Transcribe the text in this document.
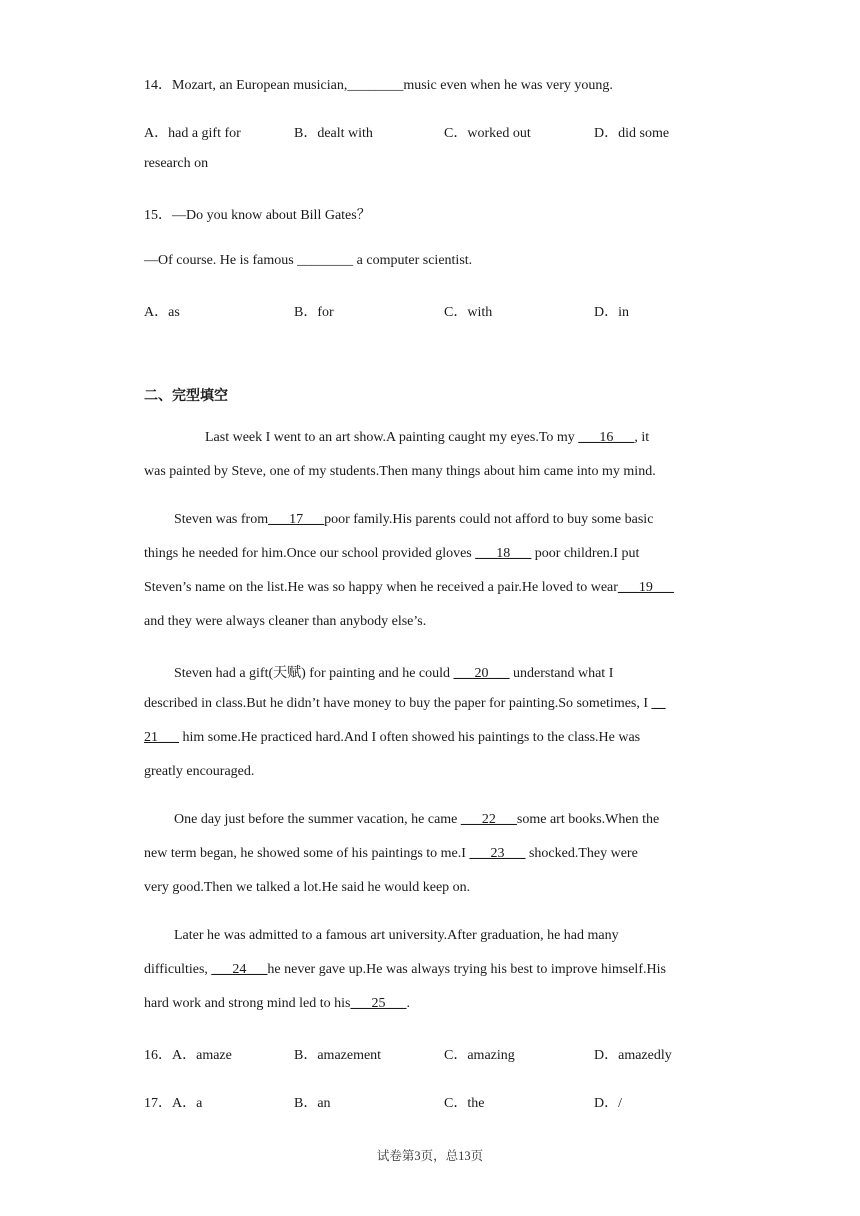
14．Mozart, an European musician,________music even when he was very young.
A．had a gift for	B．dealt with	C．worked out	D．did some
research on
15．—Do you know about Bill Gates？
—Of course. He is famous ________ a computer scientist.
A．as	B．for	C．with	D．in
二、完型填空
Last week I went to an art show.A painting caught my eyes.To my ___16___, it
was painted by Steve, one of my students.Then many things about him came into my mind.
Steven was from___17___poor family.His parents could not afford to buy some basic
things he needed for him.Once our school provided gloves ___18___ poor children.I put
Steven’s name on the list.He was so happy when he received a pair.He loved to wear___19___
and they were always cleaner than anybody else’s.
Steven had a gift(天赋) for painting and he could ___20___ understand what I
described in class.But he didn’t have money to buy the paper for painting.So sometimes, I __
21___ him some.He practiced hard.And I often showed his paintings to the class.He was
greatly encouraged.
One day just before the summer vacation, he came ___22___some art books.When the
new term began, he showed some of his paintings to me.I ___23___ shocked.They were
very good.Then we talked a lot.He said he would keep on.
Later he was admitted to a famous art university.After graduation, he had many
difficulties, ___24___he never gave up.He was always trying his best to improve himself.His
hard work and strong mind led to his___25___.
16．A．amaze	B．amazement	C．amazing	D．amazedly
17．A．a	B．an	C．the	D．/
试卷第3页，总13页
